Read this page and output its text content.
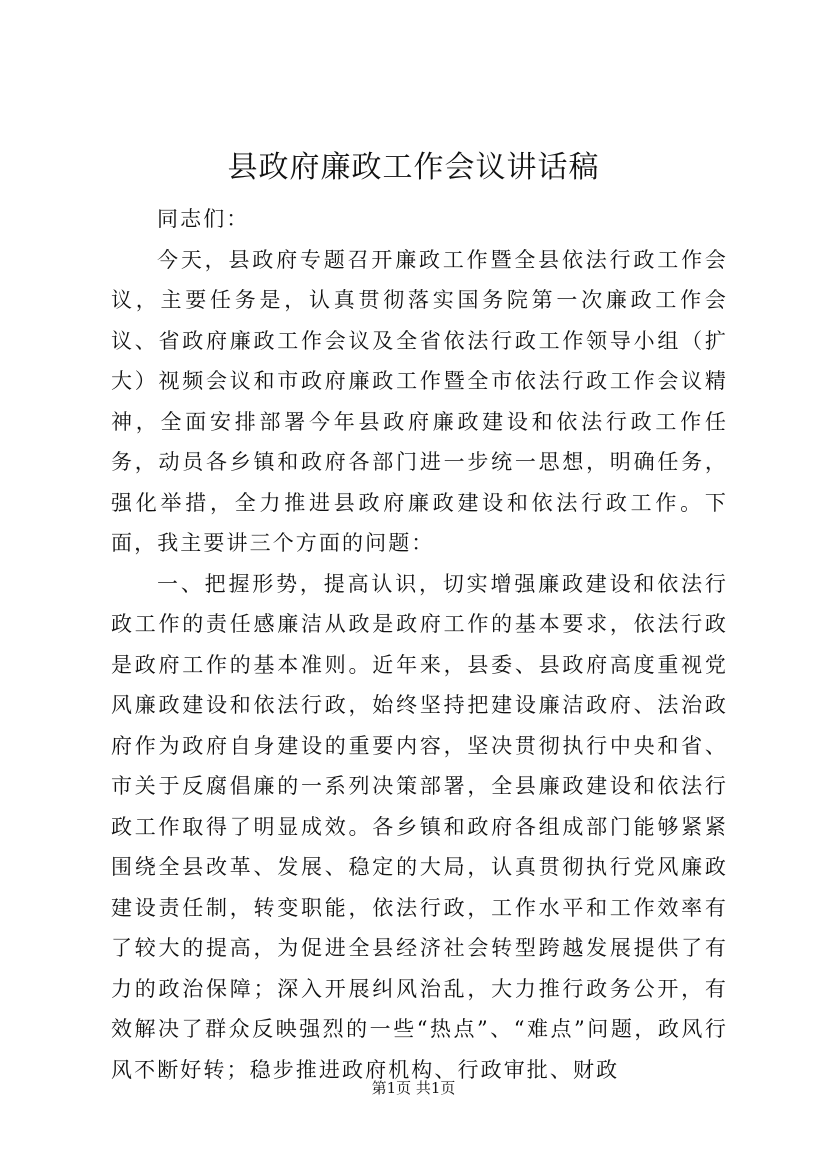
县政府廉政工作会议讲话稿

同志们：

今天，县政府专题召开廉政工作暨全县依法行政工作会议，主要任务是，认真贯彻落实国务院第一次廉政工作会议、省政府廉政工作会议及全省依法行政工作领导小组（扩大）视频会议和市政府廉政工作暨全市依法行政工作会议精神，全面安排部署今年县政府廉政建设和依法行政工作任务，动员各乡镇和政府各部门进一步统一思想，明确任务，强化举措，全力推进县政府廉政建设和依法行政工作。下面，我主要讲三个方面的问题：

一、把握形势，提高认识，切实增强廉政建设和依法行政工作的责任感廉洁从政是政府工作的基本要求，依法行政是政府工作的基本准则。近年来，县委、县政府高度重视党风廉政建设和依法行政，始终坚持把建设廉洁政府、法治政府作为政府自身建设的重要内容，坚决贯彻执行中央和省、市关于反腐倡廉的一系列决策部署，全县廉政建设和依法行政工作取得了明显成效。各乡镇和政府各组成部门能够紧紧围绕全县改革、发展、稳定的大局，认真贯彻执行党风廉政建设责任制，转变职能，依法行政，工作水平和工作效率有了较大的提高，为促进全县经济社会转型跨越发展提供了有力的政治保障；深入开展纠风治乱，大力推行政务公开，有效解决了群众反映强烈的一些“热点”、“难点”问题，政风行风不断好转；稳步推进政府机构、行政审批、财政

第1页 共1页
